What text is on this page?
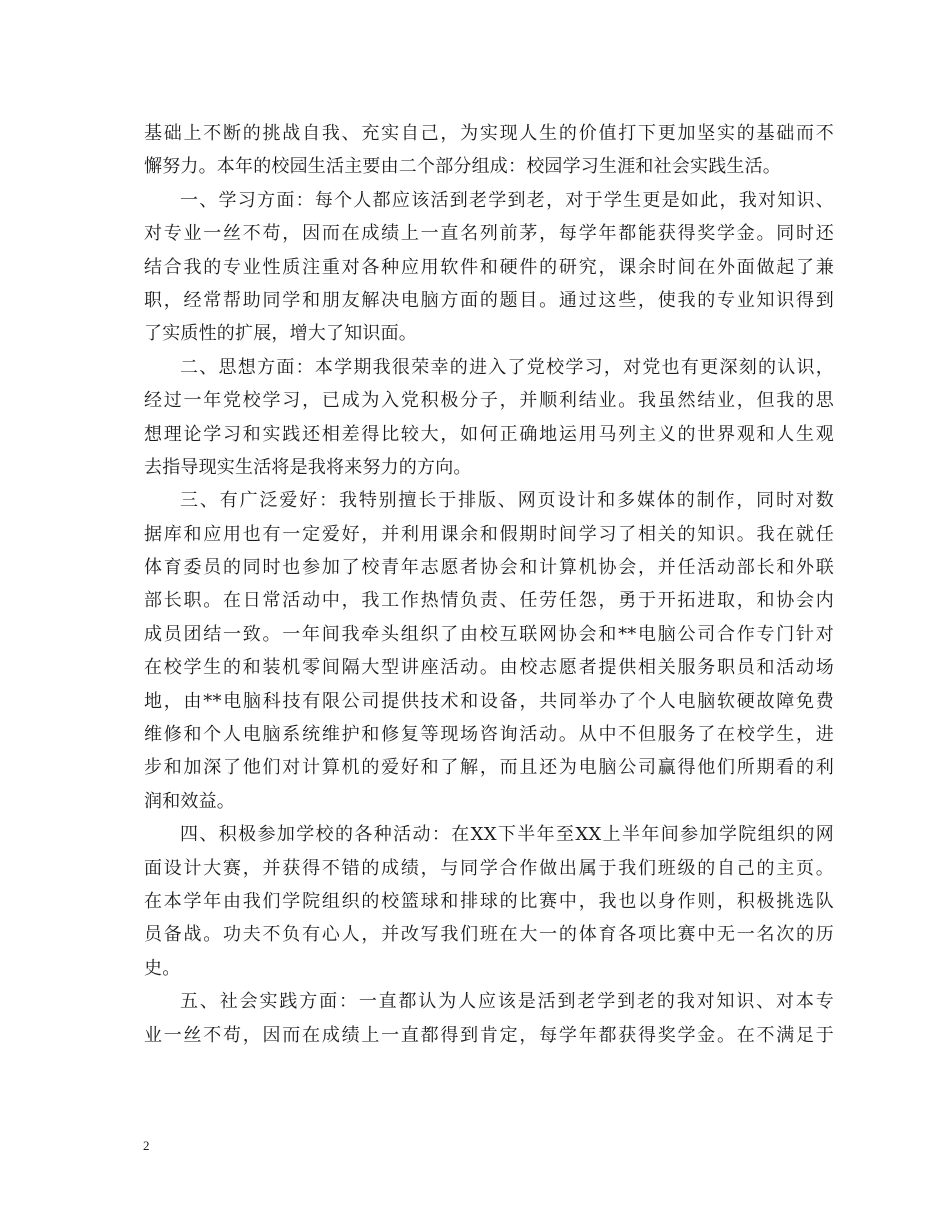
基础上不断的挑战自我、充实自己，为实现人生的价值打下更加坚实的基础而不
懈努力。本年的校园生活主要由二个部分组成：校园学习生涯和社会实践生活。
一、学习方面：每个人都应该活到老学到老，对于学生更是如此，我对知识、
对专业一丝不苟，因而在成绩上一直名列前茅，每学年都能获得奖学金。同时还
结合我的专业性质注重对各种应用软件和硬件的研究，课余时间在外面做起了兼
职，经常帮助同学和朋友解决电脑方面的题目。通过这些，使我的专业知识得到
了实质性的扩展，增大了知识面。
二、思想方面：本学期我很荣幸的进入了党校学习，对党也有更深刻的认识，
经过一年党校学习，已成为入党积极分子，并顺利结业。我虽然结业，但我的思
想理论学习和实践还相差得比较大，如何正确地运用马列主义的世界观和人生观
去指导现实生活将是我将来努力的方向。
三、有广泛爱好：我特别擅长于排版、网页设计和多媒体的制作，同时对数
据库和应用也有一定爱好，并利用课余和假期时间学习了相关的知识。我在就任
体育委员的同时也参加了校青年志愿者协会和计算机协会，并任活动部长和外联
部长职。在日常活动中，我工作热情负责、任劳任怨，勇于开拓进取，和协会内
成员团结一致。一年间我牵头组织了由校互联网协会和**电脑公司合作专门针对
在校学生的和装机零间隔大型讲座活动。由校志愿者提供相关服务职员和活动场
地，由**电脑科技有限公司提供技术和设备，共同举办了个人电脑软硬故障免费
维修和个人电脑系统维护和修复等现场咨询活动。从中不但服务了在校学生，进
步和加深了他们对计算机的爱好和了解，而且还为电脑公司赢得他们所期看的利
润和效益。
四、积极参加学校的各种活动：在XX下半年至XX上半年间参加学院组织的网
面设计大赛，并获得不错的成绩，与同学合作做出属于我们班级的自己的主页。
在本学年由我们学院组织的校篮球和排球的比赛中，我也以身作则，积极挑选队
员备战。功夫不负有心人，并改写我们班在大一的体育各项比赛中无一名次的历
史。
五、社会实践方面：一直都认为人应该是活到老学到老的我对知识、对本专
业一丝不苟，因而在成绩上一直都得到肯定，每学年都获得奖学金。在不满足于
2
